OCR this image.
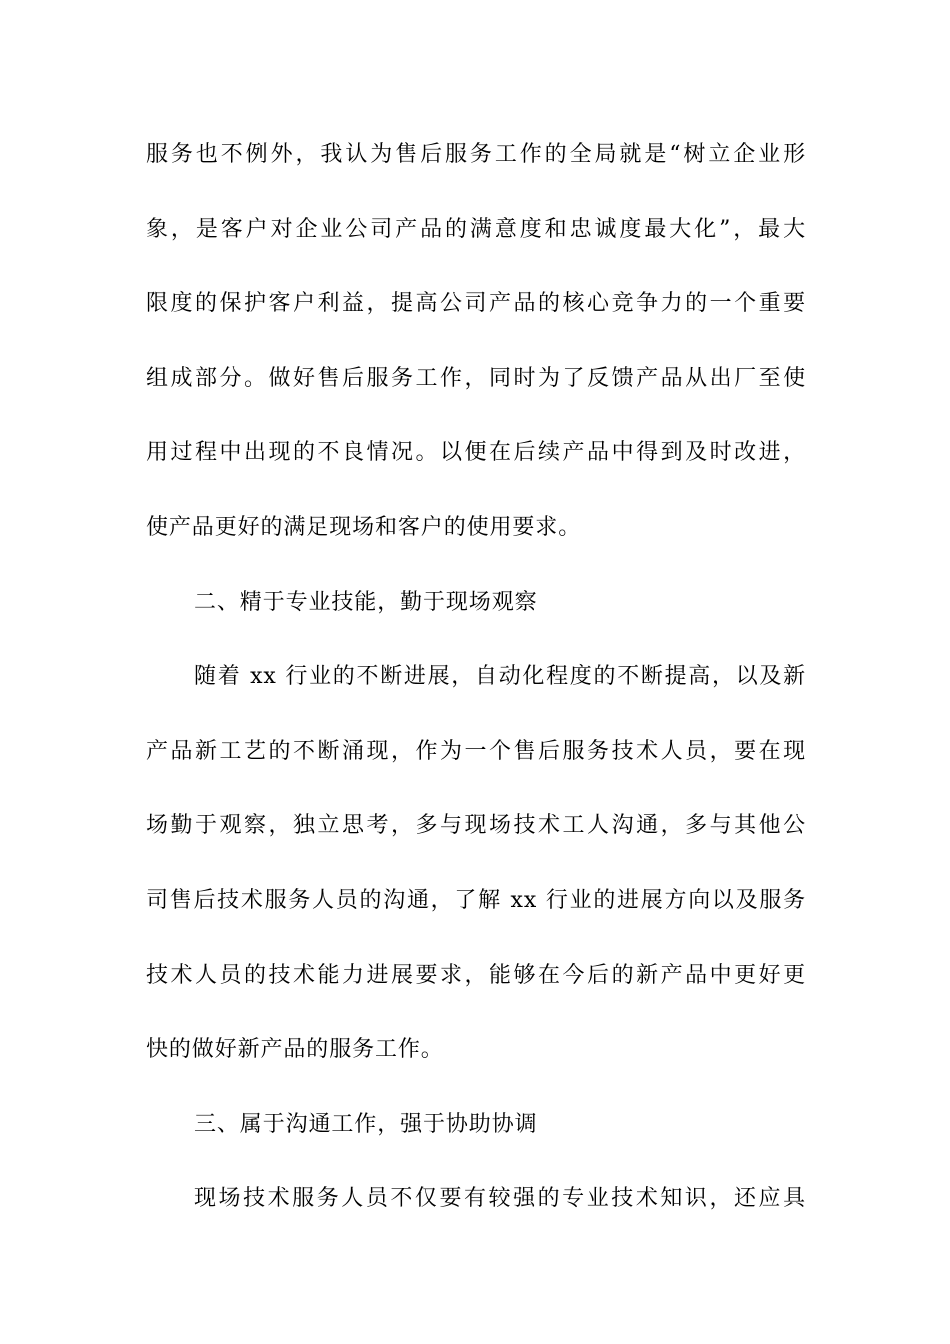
服务也不例外，我认为售后服务工作的全局就是“树立企业形
象，是客户对企业公司产品的满意度和忠诚度最大化”，最大
限度的保护客户利益，提高公司产品的核心竞争力的一个重要
组成部分。做好售后服务工作，同时为了反馈产品从出厂至使
用过程中出现的不良情况。以便在后续产品中得到及时改进，
使产品更好的满足现场和客户的使用要求。
二、精于专业技能，勤于现场观察
随着 xx 行业的不断进展，自动化程度的不断提高，以及新
产品新工艺的不断涌现，作为一个售后服务技术人员，要在现
场勤于观察，独立思考，多与现场技术工人沟通，多与其他公
司售后技术服务人员的沟通，了解 xx 行业的进展方向以及服务
技术人员的技术能力进展要求，能够在今后的新产品中更好更
快的做好新产品的服务工作。
三、属于沟通工作，强于协助协调
现场技术服务人员不仅要有较强的专业技术知识，还应具
